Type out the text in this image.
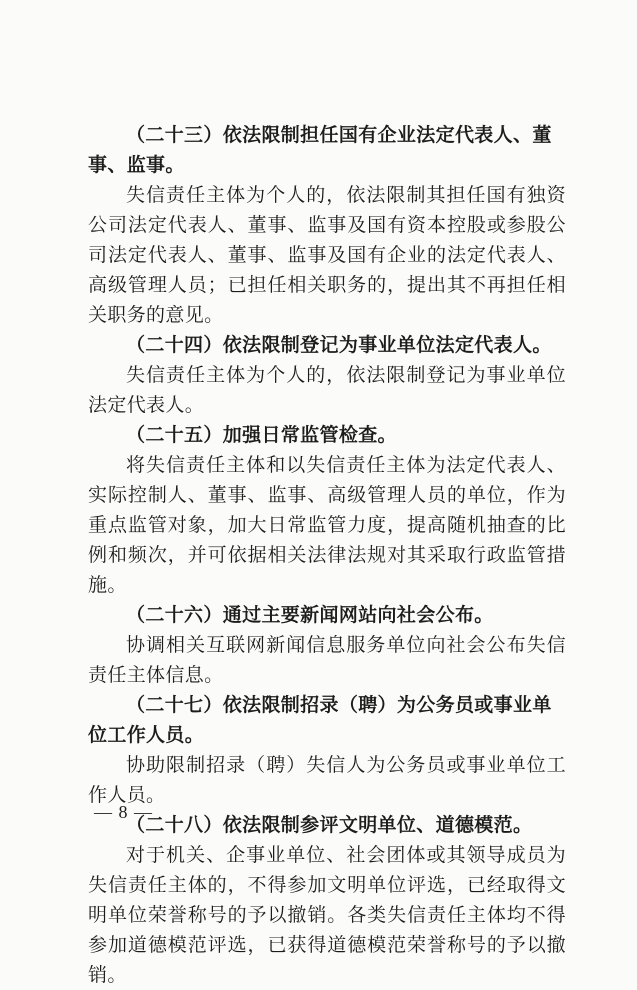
（二十三）依法限制担任国有企业法定代表人、董事、监事。

失信责任主体为个人的，依法限制其担任国有独资公司法定代表人、董事、监事及国有资本控股或参股公司法定代表人、董事、监事及国有企业的法定代表人、高级管理人员；已担任相关职务的，提出其不再担任相关职务的意见。

（二十四）依法限制登记为事业单位法定代表人。

失信责任主体为个人的，依法限制登记为事业单位法定代表人。

（二十五）加强日常监管检查。

将失信责任主体和以失信责任主体为法定代表人、实际控制人、董事、监事、高级管理人员的单位，作为重点监管对象，加大日常监管力度，提高随机抽查的比例和频次，并可依据相关法律法规对其采取行政监管措施。

（二十六）通过主要新闻网站向社会公布。

协调相关互联网新闻信息服务单位向社会公布失信责任主体信息。

（二十七）依法限制招录（聘）为公务员或事业单位工作人员。

协助限制招录（聘）失信人为公务员或事业单位工作人员。

（二十八）依法限制参评文明单位、道德模范。

对于机关、企事业单位、社会团体或其领导成员为失信责任主体的，不得参加文明单位评选，已经取得文明单位荣誉称号的予以撤销。各类失信责任主体均不得参加道德模范评选，已获得道德模范荣誉称号的予以撤销。

— 8 —
